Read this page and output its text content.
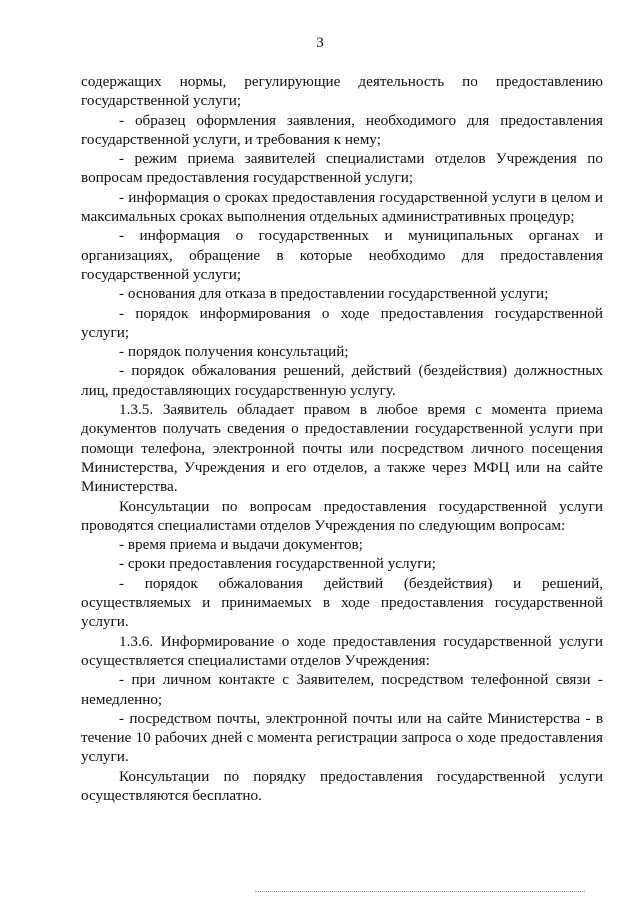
3

содержащих нормы, регулирующие деятельность по предоставлению государственной услуги;

- образец оформления заявления, необходимого для предоставления государственной услуги, и требования к нему;

- режим приема заявителей специалистами отделов Учреждения по вопросам предоставления государственной услуги;

- информация о сроках предоставления государственной услуги в целом и максимальных сроках выполнения отдельных административных процедур;

- информация о государственных и муниципальных органах и организациях, обращение в которые необходимо для предоставления государственной услуги;

- основания для отказа в предоставлении государственной услуги;

- порядок информирования о ходе предоставления государственной услуги;

- порядок получения консультаций;

- порядок обжалования решений, действий (бездействия) должностных лиц, предоставляющих государственную услугу.

1.3.5. Заявитель обладает правом в любое время с момента приема документов получать сведения о предоставлении государственной услуги при помощи телефона, электронной почты или посредством личного посещения Министерства, Учреждения и его отделов, а также через МФЦ или на сайте Министерства.

Консультации по вопросам предоставления государственной услуги проводятся специалистами отделов Учреждения по следующим вопросам:

- время приема и выдачи документов;

- сроки предоставления государственной услуги;

- порядок обжалования действий (бездействия) и решений, осуществляемых и принимаемых в ходе предоставления государственной услуги.

1.3.6. Информирование о ходе предоставления государственной услуги осуществляется специалистами отделов Учреждения:

- при личном контакте с Заявителем, посредством телефонной связи - немедленно;

- посредством почты, электронной почты или на сайте Министерства - в течение 10 рабочих дней с момента регистрации запроса о ходе предоставления услуги.

Консультации по порядку предоставления государственной услуги осуществляются бесплатно.
